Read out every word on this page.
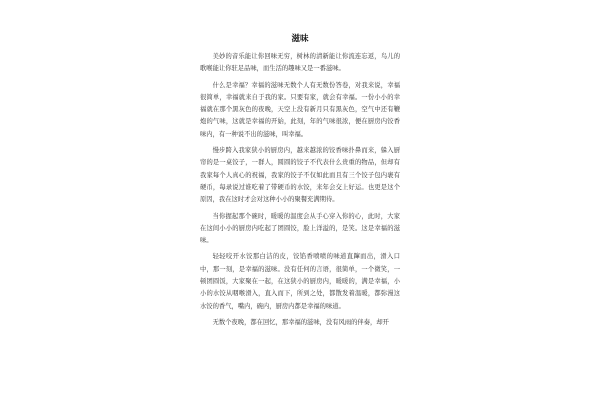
滋味

美妙的音乐能让你回味无穷，树林的清新能让你流连忘返，鸟儿的歌喉能让你驻足品味，而生活的趣味又是一番滋味。

什么是幸福？幸福的滋味无数个人有无数份答卷，对我来说，幸福很简单，幸福就来自于我的家。只要有家，就会有幸福。一份小小的幸福就在那个黑灰色的夜晚，天空上没有新月只有黑灰色，空气中还有鞭炮的气味，这就是幸福的开始，此刻，年的气味很浓，便在厨房内饺香味内，有一种说不出的滋味，叫幸福。

慢步跨入我家狭小的厨房内，越来越浓的饺香味扑鼻而来，躲入厨帘的是一桌饺子，一群人，圆圆的饺子不代表什么贵重的物品，但却有我家每个人真心的祝福，我家的饺子不仅如此而且有三个饺子包内裹有硬币，每录说过谁吃着了带硬币的水饺，来年会交上好运。也更是这个原因，我在这时才会对这种小小的聚餐充满期待。

当你握起那个碗时，暖暖的温度会从手心穿入你的心，此时，大家在这间小小的厨房内吃起了团圆饺，脸上洋溢的，是笑。这是幸福的滋味。

轻轻咬开水饺那白洁的皮，饺馅香喷喷的味道直蹿而出，滑入口中，那一刻，是幸福的滋味。没有任何的言语，很简单，一个微笑，一顿团圆饭，大家聚在一起，在这狭小的厨房内，暖暖的，满是幸福，小小的水饺从咽喉滑入，直入而下，所到之处，都散发着温暖，都弥漫这水饺的香气，嘴内，碗内，厨房内都是幸福的味道。

无数个夜晚，都在回忆，那幸福的滋味，没有风雨的伴奏，却开
